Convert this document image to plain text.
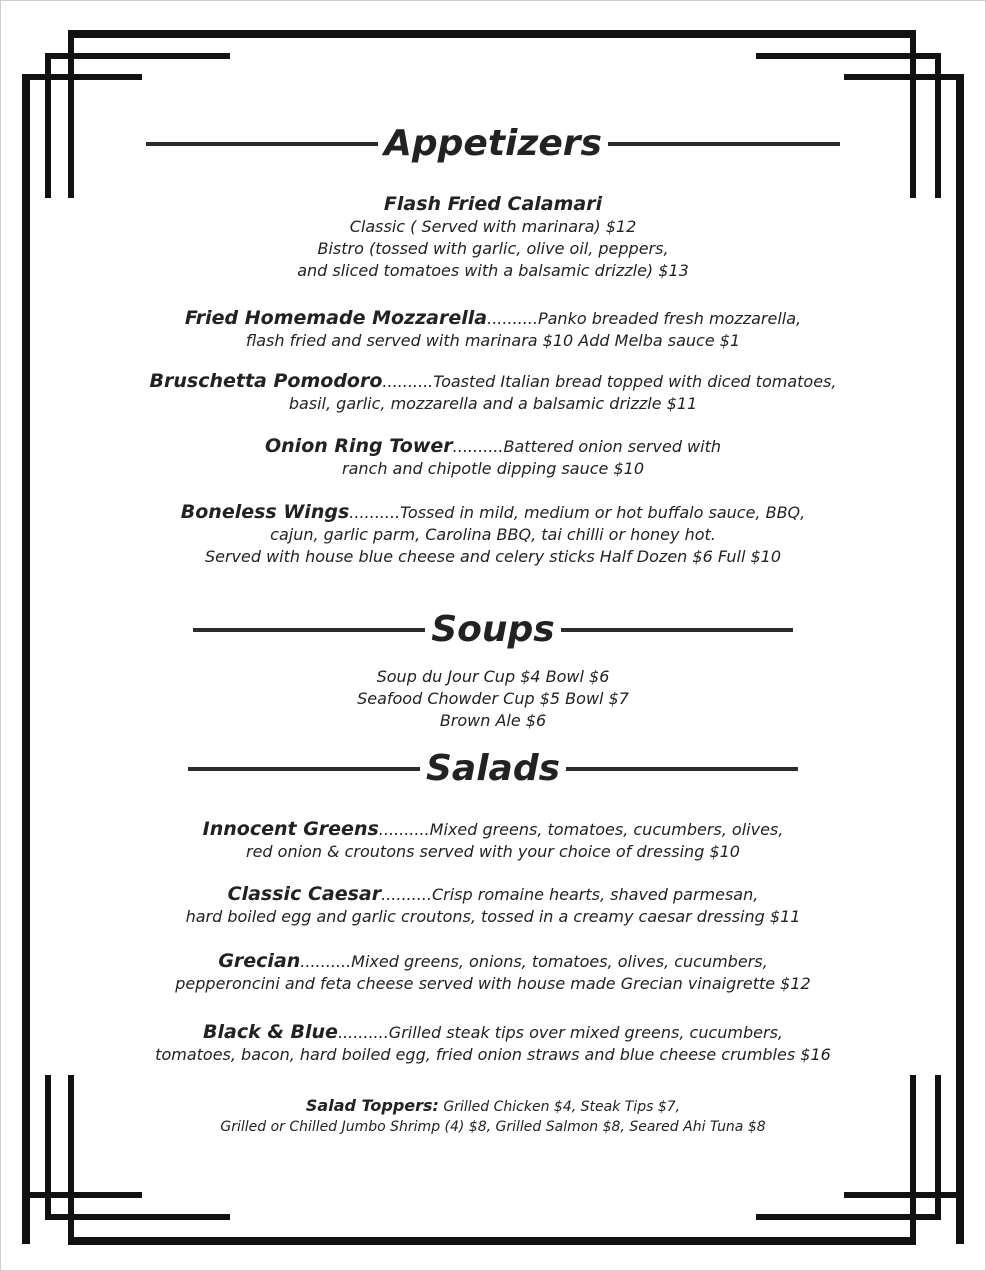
Appetizers
Flash Fried Calamari
Classic ( Served with marinara) $12
Bistro (tossed with garlic, olive oil, peppers,
and sliced tomatoes with a balsamic drizzle) $13
Fried Homemade Mozzarella..........Panko breaded fresh mozzarella,
flash fried and served with marinara $10 Add Melba sauce $1
Bruschetta Pomodoro..........Toasted Italian bread topped with diced tomatoes,
basil, garlic, mozzarella and a balsamic drizzle $11
Onion Ring Tower..........Battered onion served with
ranch and chipotle dipping sauce $10
Boneless Wings..........Tossed in mild, medium or hot buffalo sauce, BBQ,
cajun, garlic parm, Carolina BBQ, tai chilli or honey hot.
Served with house blue cheese and celery sticks Half Dozen $6 Full $10
Soups
Soup du Jour Cup $4 Bowl $6
Seafood Chowder Cup $5 Bowl $7
Brown Ale $6
Salads
Innocent Greens..........Mixed greens, tomatoes, cucumbers, olives,
red onion & croutons served with your choice of dressing $10
Classic Caesar..........Crisp romaine hearts, shaved parmesan,
hard boiled egg and garlic croutons, tossed in a creamy caesar dressing $11
Grecian..........Mixed greens, onions, tomatoes, olives, cucumbers,
pepperoncini and feta cheese served with house made Grecian vinaigrette $12
Black & Blue..........Grilled steak tips over mixed greens, cucumbers,
tomatoes, bacon, hard boiled egg, fried onion straws and blue cheese crumbles $16
Salad Toppers: Grilled Chicken $4, Steak Tips $7,
Grilled or Chilled Jumbo Shrimp (4) $8, Grilled Salmon $8, Seared Ahi Tuna $8
